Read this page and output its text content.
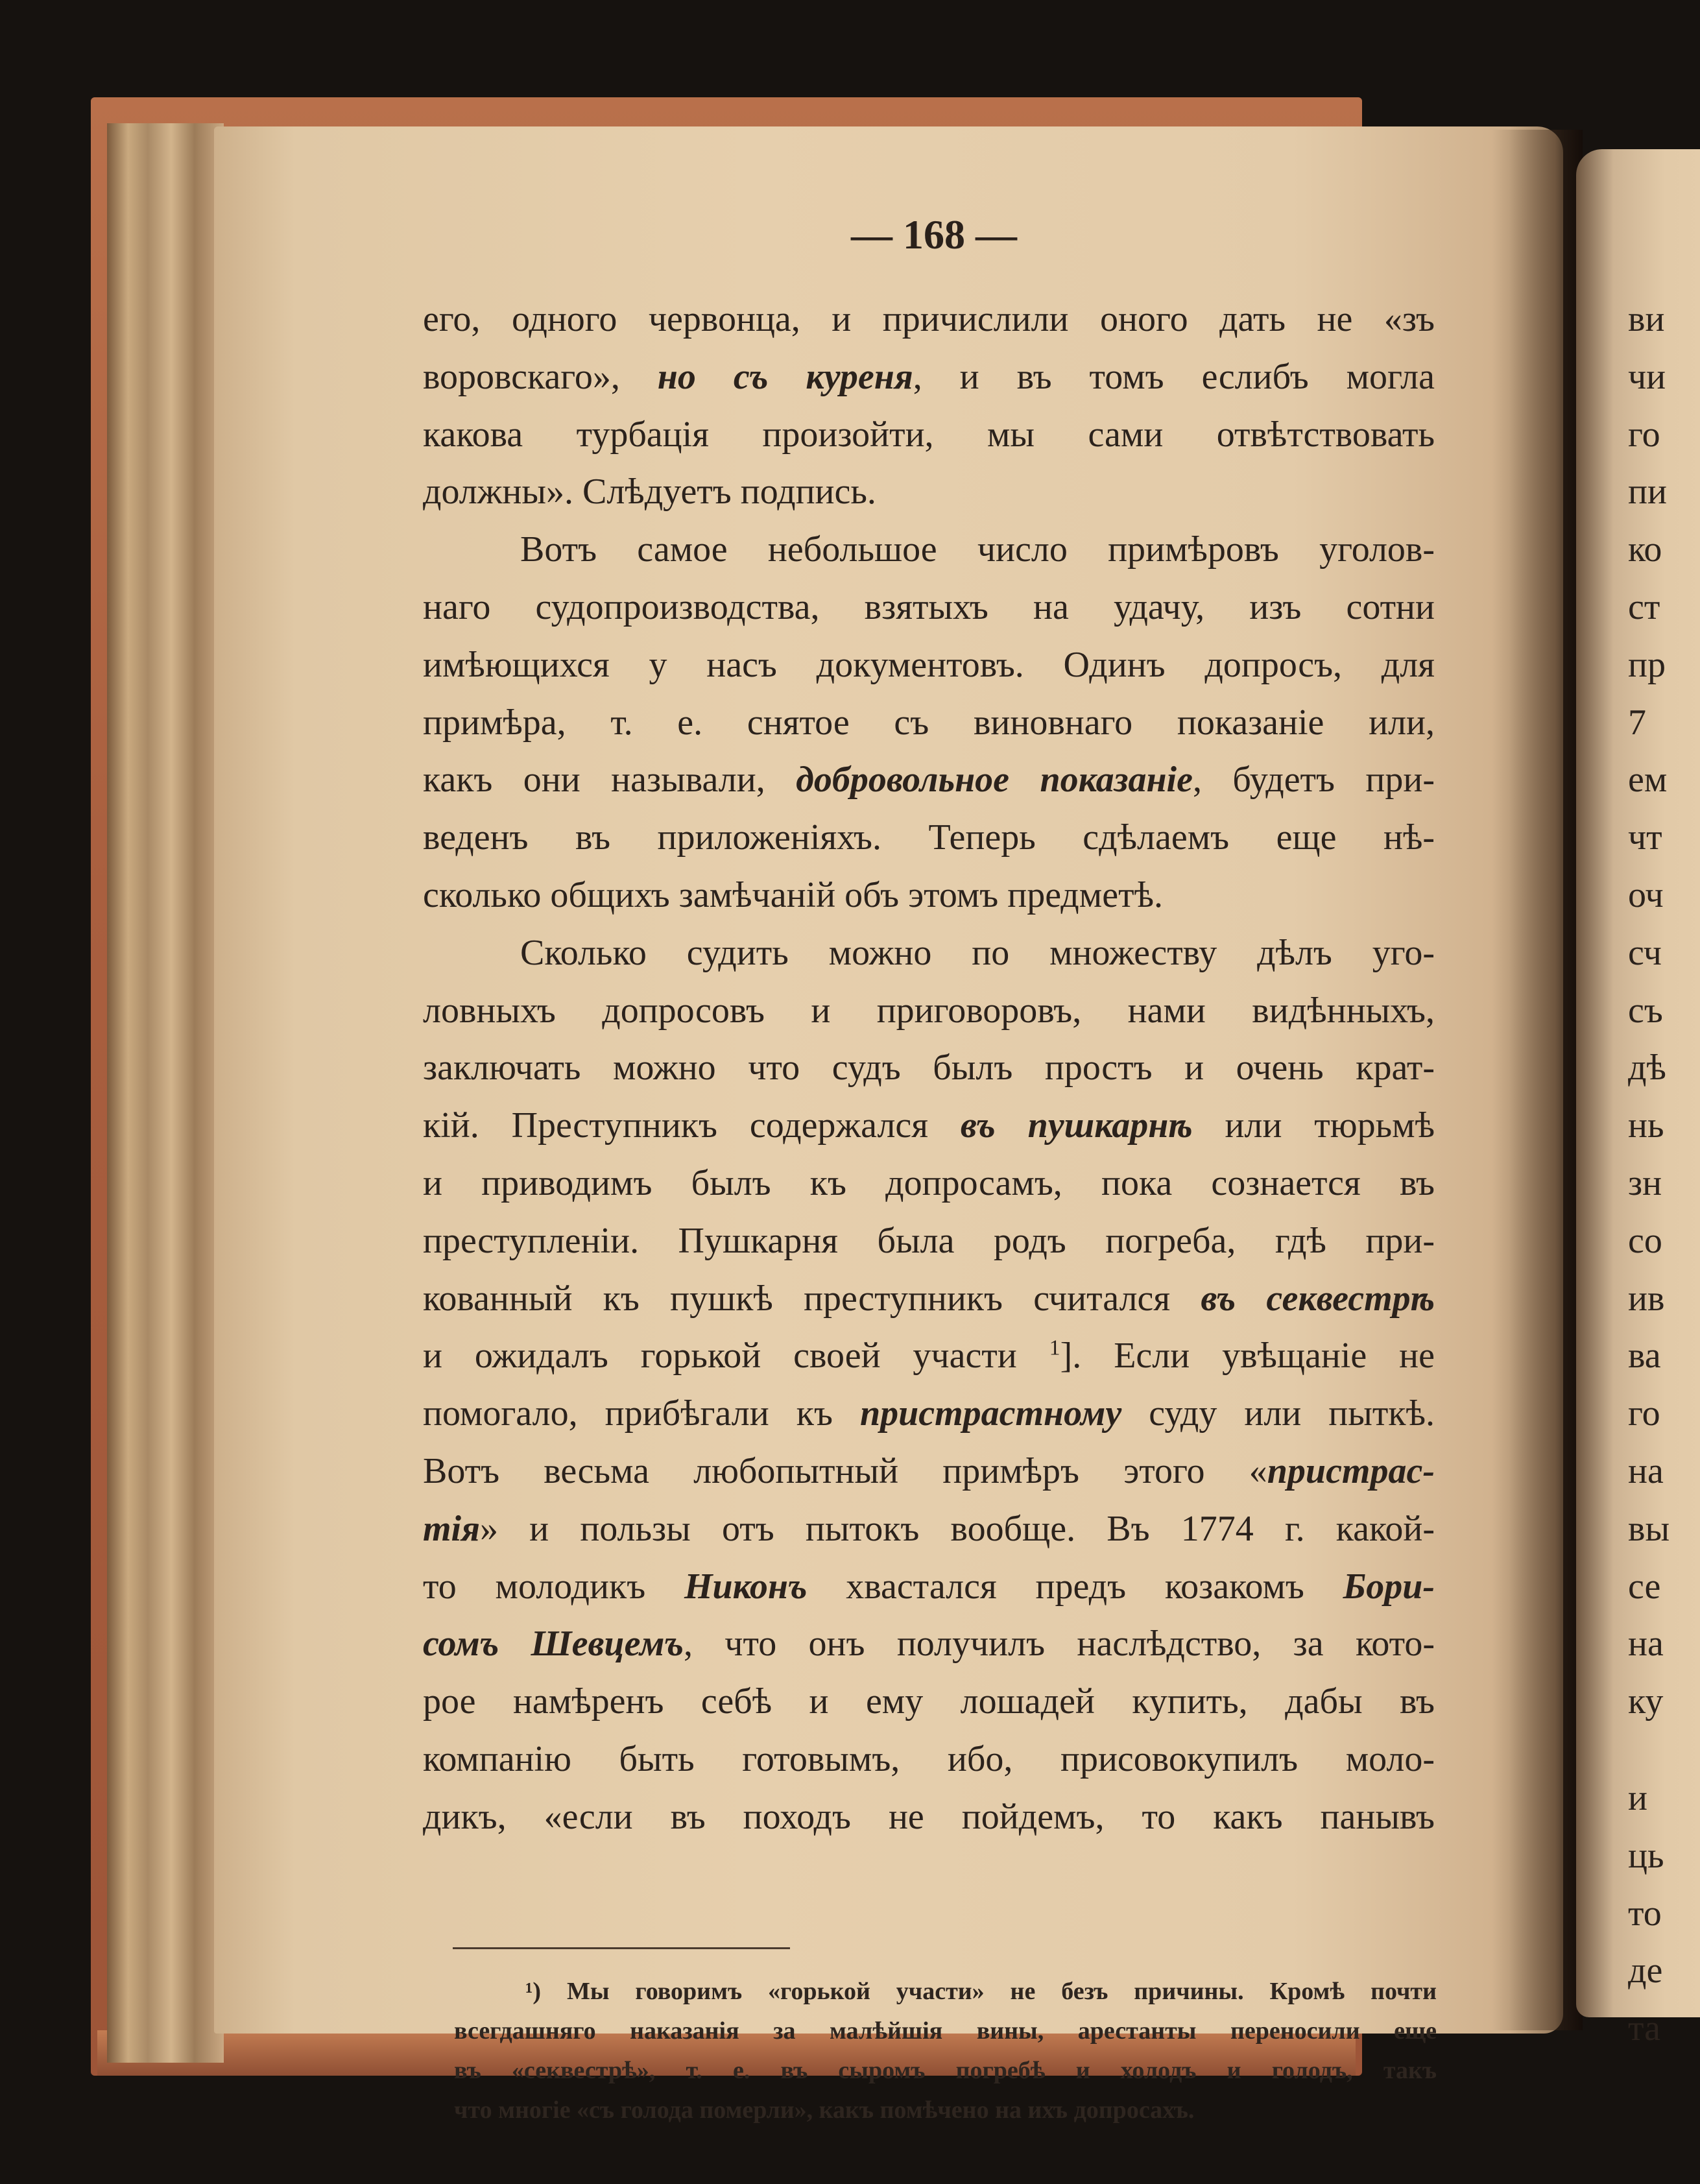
— 168 —
его, одного червонца, и причислили оного дать не «зъ
воровскаго», но съ куреня, и въ томъ еслибъ могла
какова турбація произойти, мы сами отвѣтствовать
должны». Слѣдуетъ подпись.
Вотъ самое небольшое число примѣровъ уголов-
наго судопроизводства, взятыхъ на удачу, изъ сотни
имѣющихся у насъ документовъ. Одинъ допросъ, для
примѣра, т. е. снятое съ виновнаго показаніе или,
какъ они называли, добровольное показаніе, будетъ при-
веденъ въ приложеніяхъ. Теперь сдѣлаемъ еще нѣ-
сколько общихъ замѣчаній объ этомъ предметѣ.
Сколько судить можно по множеству дѣлъ уго-
ловныхъ допросовъ и приговоровъ, нами видѣнныхъ,
заключать можно что судъ былъ простъ и очень крат-
кій. Преступникъ содержался въ пушкарнѣ или тюрьмѣ
и приводимъ былъ къ допросамъ, пока сознается въ
преступленіи. Пушкарня была родъ погреба, гдѣ при-
кованный къ пушкѣ преступникъ считался въ секвестрѣ
и ожидалъ горькой своей участи $^1$]. Если увѣщаніе не
помогало, прибѣгали къ пристрастному суду или пыткѣ.
Вотъ весьма любопытный примѣръ этого «пристрас-
тія» и пользы отъ пытокъ вообще. Въ 1774 г. какой-
то молодикъ Никонъ хвастался предъ козакомъ Бори-
сомъ Шевцемъ, что онъ получилъ наслѣдство, за кото-
рое намѣренъ себѣ и ему лошадей купить, дабы въ
компанію быть готовымъ, ибо, присовокупилъ моло-
дикъ, «если въ походъ не пойдемъ, то какъ панывъ
¹) Мы говоримъ «горькой участи» не безъ причины. Кромѣ почти
всегдашняго наказанія за малѣйшія вины, арестанты переносили еще
въ «секвестрѣ», т. е. въ сыромъ погребѣ и холодъ и голодъ, такъ
что многіе «съ голода померли», какъ помѣчено на ихъ допросахъ.
ви
чи
го
пи
ко
ст
пр
7
ем
чт
оч
сч
съ
дѣ
нь
зн
со
ив
ва
го
на
вы
се
на
ку
и
ць
то
де
та
